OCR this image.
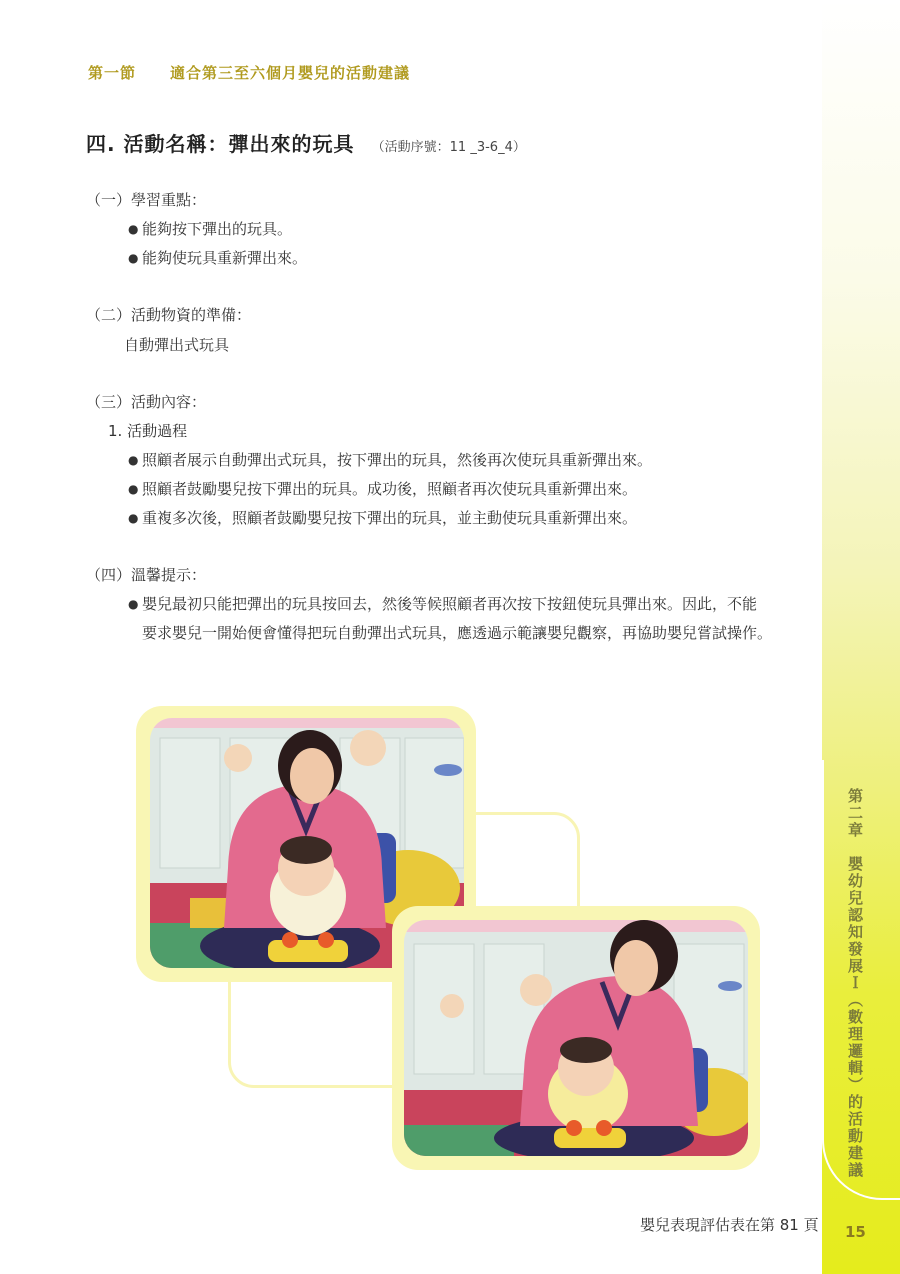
第二章　嬰幼兒認知發展Ｉ（數理邏輯）的活動建議
15
第一節 適合第三至六個月嬰兒的活動建議
四. 活動名稱：彈出來的玩具 （活動序號：11 _3-6_4）
（一）學習重點：
● 能夠按下彈出的玩具。
● 能夠使玩具重新彈出來。
（二）活動物資的準備：
自動彈出式玩具
（三）活動內容：
1. 活動過程
● 照顧者展示自動彈出式玩具，按下彈出的玩具，然後再次使玩具重新彈出來。
● 照顧者鼓勵嬰兒按下彈出的玩具。成功後，照顧者再次使玩具重新彈出來。
● 重複多次後，照顧者鼓勵嬰兒按下彈出的玩具，並主動使玩具重新彈出來。
（四）溫馨提示：
● 嬰兒最初只能把彈出的玩具按回去，然後等候照顧者再次按下按鈕使玩具彈出來。因此，不能
要求嬰兒一開始便會懂得把玩自動彈出式玩具，應透過示範讓嬰兒觀察，再協助嬰兒嘗試操作。
嬰兒表現評估表在第 81 頁
